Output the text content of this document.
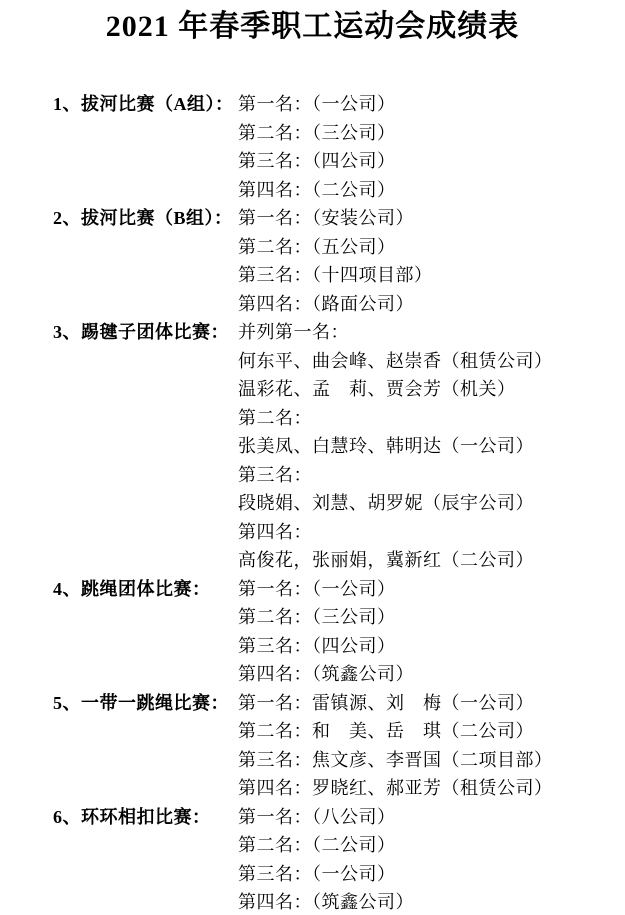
2021 年春季职工运动会成绩表
1、拔河比赛（A组）： 第一名：（一公司）
第二名：（三公司）
第三名：（四公司）
第四名：（二公司）
2、拔河比赛（B组）： 第一名：（安装公司）
第二名：（五公司）
第三名：（十四项目部）
第四名：（路面公司）
3、踢毽子团体比赛： 并列第一名：
何东平、曲会峰、赵崇香（租赁公司）
温彩花、孟　莉、贾会芳（机关）
第二名：
张美凤、白慧玲、韩明达（一公司）
第三名：
段晓娟、刘慧、胡罗妮（辰宇公司）
第四名：
高俊花，张丽娟，冀新红（二公司）
4、跳绳团体比赛：	第一名：（一公司）
第二名：（三公司）
第三名：（四公司）
第四名：（筑鑫公司）
5、一带一跳绳比赛： 第一名：雷镇源、刘　梅（一公司）
第二名：和　美、岳　琪（二公司）
第三名：焦文彦、李晋国（二项目部）
第四名：罗晓红、郝亚芳（租赁公司）
6、环环相扣比赛：	第一名：（八公司）
第二名：（二公司）
第三名：（一公司）
第四名：（筑鑫公司）
